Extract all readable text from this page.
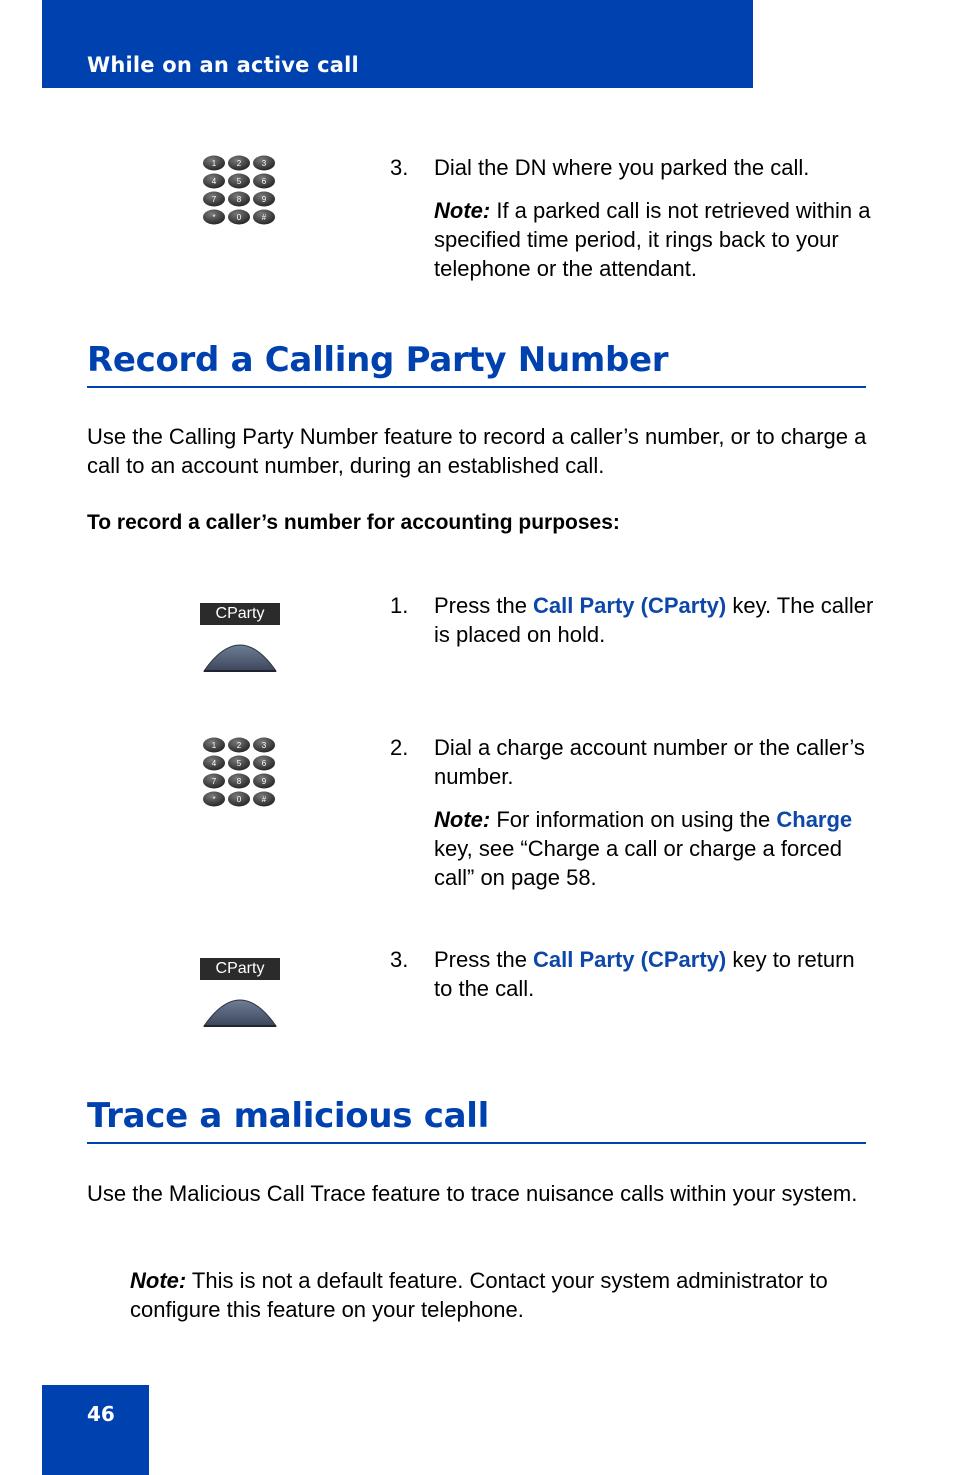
While on an active call
1	2	3
4	5	6
7	8	9
*	0	#
3. Dial the DN where you parked the call.
Note: If a parked call is not retrieved within a specified time period, it rings back to your telephone or the attendant.
Record a Calling Party Number
Use the Calling Party Number feature to record a caller’s number, or to charge a call to an account number, during an established call.
To record a caller’s number for accounting purposes:
CParty	1. Press the Call Party (CParty) key. The caller is placed on hold.
1	2	3
4	5	6
7	8	9
*	0	#
2. Dial a charge account number or the caller’s number.
Note: For information on using the Charge key, see “Charge a call or charge a forced call” on page 58.
CParty	3. Press the Call Party (CParty) key to return to the call.
Trace a malicious call
Use the Malicious Call Trace feature to trace nuisance calls within your system.
Note: This is not a default feature. Contact your system administrator to configure this feature on your telephone.
46
